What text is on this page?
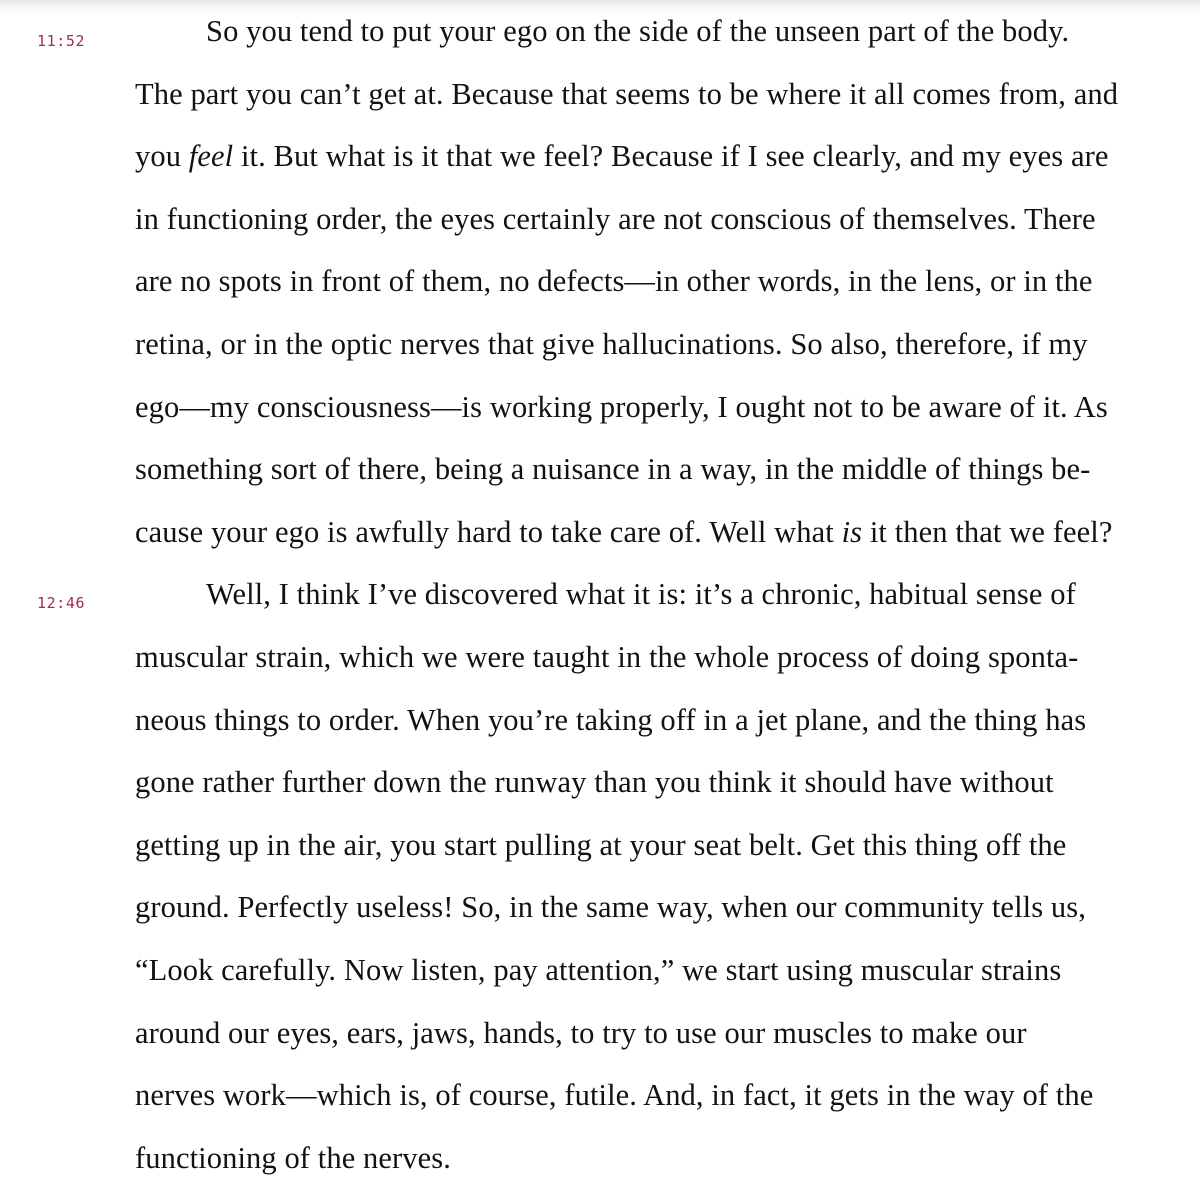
So you tend to put your ego on the side of the unseen part of the body.
The part you can’t get at. Because that seems to be where it all comes from, and
you feel it. But what is it that we feel? Because if I see clearly, and my eyes are
in functioning order, the eyes certainly are not conscious of themselves. There
are no spots in front of them, no defects—in other words, in the lens, or in the
retina, or in the optic nerves that give hallucinations. So also, therefore, if my
ego—my consciousness—is working properly, I ought not to be aware of it. As
something sort of there, being a nuisance in a way, in the middle of things be-
cause your ego is awfully hard to take care of. Well what is it then that we feel?
Well, I think I’ve discovered what it is: it’s a chronic, habitual sense of
muscular strain, which we were taught in the whole process of doing sponta-
neous things to order. When you’re taking off in a jet plane, and the thing has
gone rather further down the runway than you think it should have without
getting up in the air, you start pulling at your seat belt. Get this thing off the
ground. Perfectly useless! So, in the same way, when our community tells us,
“Look carefully. Now listen, pay attention,” we start using muscular strains
around our eyes, ears, jaws, hands, to try to use our muscles to make our
nerves work—which is, of course, futile. And, in fact, it gets in the way of the
functioning of the nerves.
11:52
12:46
